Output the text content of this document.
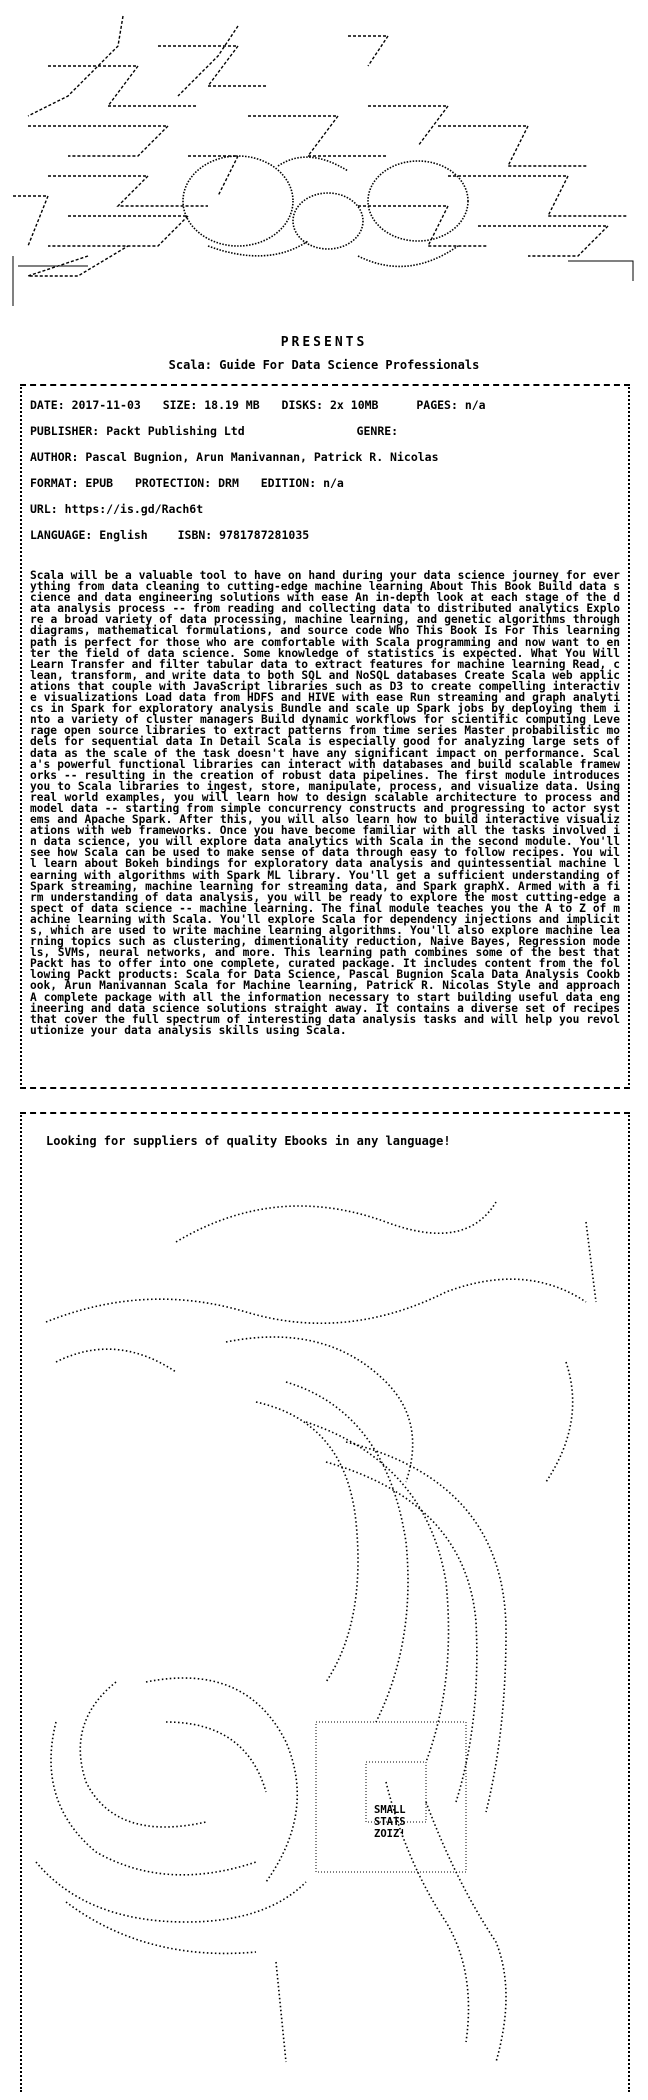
PRESENTS
Scala: Guide For Data Science Professionals
DATE: 2017-11-03 SIZE: 18.19 MB DISKS: 2x 10MB	PAGES: n/a
PUBLISHER: Packt Publishing Ltd	GENRE:
AUTHOR: Pascal Bugnion, Arun Manivannan, Patrick R. Nicolas
FORMAT: EPUB PROTECTION: DRM EDITION: n/a
URL: https://is.gd/Rach6t
LANGUAGE: English	ISBN: 9781787281035
Scala will be a valuable tool to have on hand during your data science journey for everything from data cleaning to cutting-edge machine learning About This Book Build data science and data engineering solutions with ease An in-depth look at each stage of the data analysis process -- from reading and collecting data to distributed analytics Explore a broad variety of data processing, machine learning, and genetic algorithms through diagrams, mathematical formulations, and source code Who This Book Is For This learning path is perfect for those who are comfortable with Scala programming and now want to enter the field of data science. Some knowledge of statistics is expected. What You Will Learn Transfer and filter tabular data to extract features for machine learning Read, clean, transform, and write data to both SQL and NoSQL databases Create Scala web applications that couple with JavaScript libraries such as D3 to create compelling interactive visualizations Load data from HDFS and HIVE with ease Run streaming and graph analytics in Spark for exploratory analysis Bundle and scale up Spark jobs by deploying them into a variety of cluster managers Build dynamic workflows for scientific computing Leverage open source libraries to extract patterns from time series Master probabilistic models for sequential data In Detail Scala is especially good for analyzing large sets of data as the scale of the task doesn't have any significant impact on performance. Scala's powerful functional libraries can interact with databases and build scalable frameworks -- resulting in the creation of robust data pipelines. The first module introduces you to Scala libraries to ingest, store, manipulate, process, and visualize data. Using real world examples, you will learn how to design scalable architecture to process and model data -- starting from simple concurrency constructs and progressing to actor systems and Apache Spark. After this, you will also learn how to build interactive visualizations with web frameworks. Once you have become familiar with all the tasks involved in data science, you will explore data analytics with Scala in the second module. You'll see how Scala can be used to make sense of data through easy to follow recipes. You will learn about Bokeh bindings for exploratory data analysis and quintessential machine learning with algorithms with Spark ML library. You'll get a sufficient understanding of Spark streaming, machine learning for streaming data, and Spark graphX. Armed with a firm understanding of data analysis, you will be ready to explore the most cutting-edge aspect of data science -- machine learning. The final module teaches you the A to Z of machine learning with Scala. You'll explore Scala for dependency injections and implicits, which are used to write machine learning algorithms. You'll also explore machine learning topics such as clustering, dimentionality reduction, Naive Bayes, Regression models, SVMs, neural networks, and more. This learning path combines some of the best that Packt has to offer into one complete, curated package. It includes content from the following Packt products: Scala for Data Science, Pascal Bugnion Scala Data Analysis Cookbook, Arun Manivannan Scala for Machine learning, Patrick R. Nicolas Style and approach A complete package with all the information necessary to start building useful data engineering and data science solutions straight away. It contains a diverse set of recipes that cover the full spectrum of interesting data analysis tasks and will help you revolutionize your data analysis skills using Scala.
Looking for suppliers of quality Ebooks in any language!
SMALL
STATS
ZOIZ!
